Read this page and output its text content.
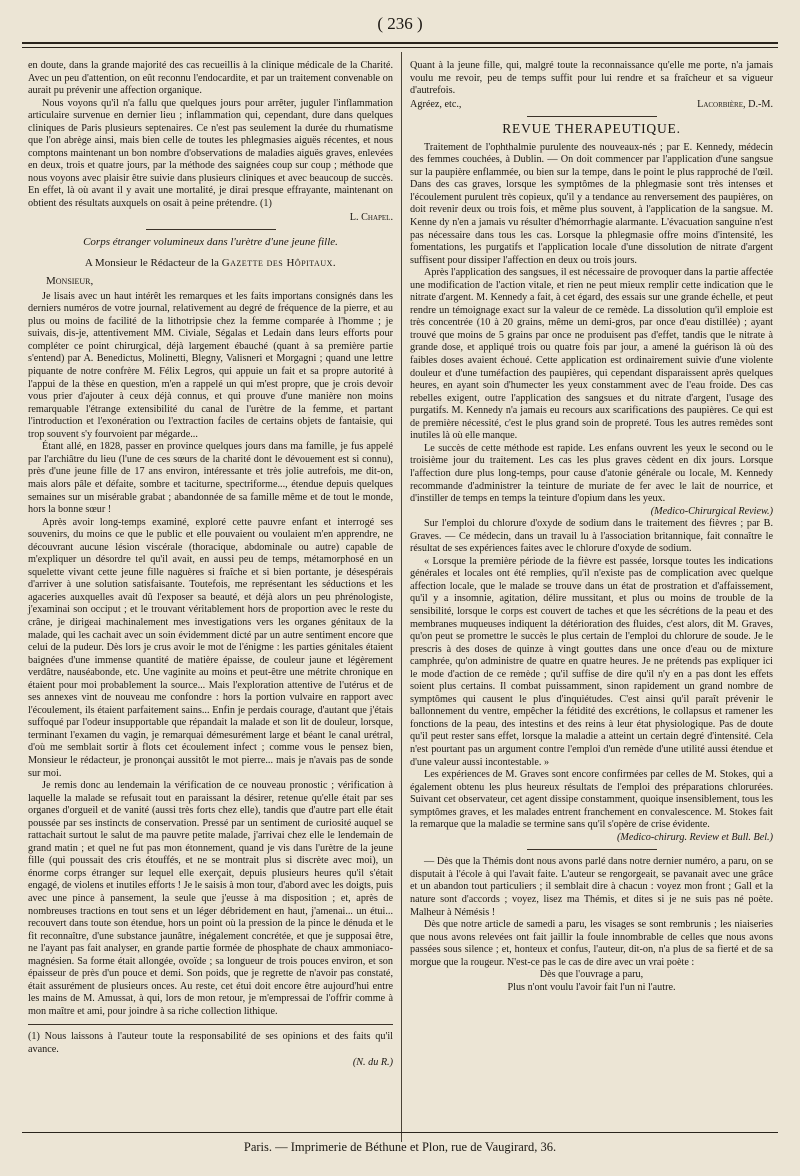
( 236 )

en doute, dans la grande majorité des cas recueillis à la clinique médicale de la Charité. Avec un peu d'attention, on eût reconnu l'endocardite, et par un traitement convenable on aurait pu prévenir une affection organique.

Nous voyons qu'il n'a fallu que quelques jours pour arrêter, juguler l'inflammation articulaire survenue en dernier lieu ; inflammation qui, cependant, dure dans quelques cliniques de Paris plusieurs septenaires. Ce n'est pas seulement la durée du rhumatisme que l'on abrège ainsi, mais bien celle de toutes les phlegmasies aiguës récentes, et nous comptons maintenant un bon nombre d'observations de maladies aiguës graves, enlevées en deux, trois et quatre jours, par la méthode des saignées coup sur coup ; méthode que nous voyons avec plaisir être suivie dans plusieurs cliniques et avec beaucoup de succès. En effet, là où avant il y avait une mortalité, je dirai presque effrayante, maintenant on obtient des résultats auxquels on osait à peine prétendre. (1)

L. Chapel.
Corps étranger volumineux dans l'urètre d'une jeune fille.
A Monsieur le Rédacteur de la Gazette des Hôpitaux.
Monsieur,

Je lisais avec un haut intérêt les remarques et les faits importans consignés dans les derniers numéros de votre journal, relativement au degré de fréquence de la pierre, et au plus ou moins de facilité de la lithotripsie chez la femme comparée à l'homme ; je suivais, dis-je, attentivement MM. Civiale, Ségalas et Ledain dans leurs efforts pour compléter ce point chirurgical, déjà largement ébauché (quant à sa première partie s'entend) par A. Benedictus, Molinetti, Blegny, Valisneri et Morgagni ; quand une lettre piquante de notre confrère M. Félix Legros, qui appuie un fait et sa propre autorité à l'appui de la thèse en question, m'en a rappelé un qui m'est propre, que je crois devoir vous prier d'ajouter à ceux déjà connus, et qui prouve d'une manière non moins remarquable l'étrange extensibilité du canal de l'urètre de la femme, et partant l'introduction et l'exonération ou l'extraction faciles de certains objets de fantaisie, qui trop souvent s'y fourvoient par mégarde...

Étant allé, en 1828, passer en province quelques jours dans ma famille, je fus appelé par l'archiâtre du lieu (l'une de ces sœurs de la charité dont le dévouement est si connu), près d'une jeune fille de 17 ans environ, intéressante et très jolie autrefois, me dit-on, mais alors pâle et défaite, sombre et taciturne, spectriforme..., étendue depuis quelques semaines sur un misérable grabat ; abandonnée de sa famille même et de tout le monde, hors la bonne sœur !

Après avoir long-temps examiné, exploré cette pauvre enfant et interrogé ses souvenirs, du moins ce que le public et elle pouvaient ou voulaient m'en apprendre, ne découvrant aucune lésion viscérale (thoracique, abdominale ou autre) capable de m'expliquer un désordre tel qu'il avait, en aussi peu de temps, métamorphosé en un squelette vivant cette jeune fille naguères si fraîche et si bien portante, je désespérais d'arriver à une solution satisfaisante. Toutefois, me représentant les séductions et les agaceries auxquelles avait dû l'exposer sa beauté, et déjà alors un peu phrénologiste, j'examinai son occiput ; et le trouvant véritablement hors de proportion avec le reste du crâne, je dirigeai machinalement mes investigations vers les organes génitaux de la malade, qui les cachait avec un soin évidemment dicté par un autre sentiment encore que celui de la pudeur. Dès lors je crus avoir le mot de l'énigme : les parties génitales étaient baignées d'une immense quantité de matière épaisse, de couleur jaune et légèrement verdâtre, nauséabonde, etc. Une vaginite au moins et peut-être une métrite chronique en étaient pour moi probablement la source... Mais l'exploration attentive de l'utérus et de ses annexes vint de nouveau me confondre : hors la portion vulvaire en rapport avec l'écoulement, ils étaient parfaitement sains... Enfin je perdais courage, d'autant que j'étais suffoqué par l'odeur insupportable que répandait la malade et son lit de douleur, lorsque, terminant l'examen du vagin, je remarquai démesurément large et béant le canal urétral, d'où me semblait sortir à flots cet écoulement infect ; comme vous le pensez bien, Monsieur le rédacteur, je prononçai aussitôt le mot pierre... mais je n'avais pas de sonde sur moi.

Je remis donc au lendemain la vérification de ce nouveau pronostic ; vérification à laquelle la malade se refusait tout en paraissant la désirer, retenue qu'elle était par ses organes d'orgueil et de vanité (aussi très forts chez elle), tandis que d'autre part elle était poussée par ses instincts de conservation. Pressé par un sentiment de curiosité auquel se rattachait surtout le salut de ma pauvre petite malade, j'arrivai chez elle le lendemain de grand matin ; et quel ne fut pas mon étonnement, quand je vis dans l'urètre de la jeune fille (qui poussait des cris étouffés, et ne se montrait plus si discrète avec moi), un énorme corps étranger sur lequel elle exerçait, depuis plusieurs heures qu'il s'était engagé, de violens et inutiles efforts ! Je le saisis à mon tour, d'abord avec les doigts, puis avec une pince à pansement, la seule que j'eusse à ma disposition ; et, après de nombreuses tractions en tout sens et un léger débridement en haut, j'amenai... un étui... recouvert dans toute son étendue, hors un point où la pression de la pince le dénuda et le fit reconnaître, d'une substance jaunâtre, inégalement concrétée, et que je supposai être, ne l'ayant pas fait analyser, en grande partie formée de phosphate de chaux ammoniaco-magnésien. Sa forme était allongée, ovoïde ; sa longueur de trois pouces environ, et son épaisseur de près d'un pouce et demi. Son poids, que je regrette de n'avoir pas constaté, était assurément de plusieurs onces. Au reste, cet étui doit encore être aujourd'hui entre les mains de M. Amussat, à qui, lors de mon retour, je m'empressai de l'offrir comme à mon maître et ami, pour joindre à sa riche collection lithique.

(1) Nous laissons à l'auteur toute la responsabilité de ses opinions et des faits qu'il avance.

(N. du R.)

Quant à la jeune fille, qui, malgré toute la reconnaissance qu'elle me porte, n'a jamais voulu me revoir, peu de temps suffit pour lui rendre et sa fraîcheur et sa vigueur d'autrefois.

Agréez, etc.,	Lacorbière, D.-M.
REVUE THERAPEUTIQUE.

Traitement de l'ophthalmie purulente des nouveaux-nés ; par E. Kennedy, médecin des femmes couchées, à Dublin. — On doit commencer par l'application d'une sangsue sur la paupière enflammée, ou bien sur la tempe, dans le point le plus rapproché de l'œil. Dans des cas graves, lorsque les symptômes de la phlegmasie sont très intenses et l'écoulement purulent très copieux, qu'il y a tendance au renversement des paupières, on doit revenir deux ou trois fois, et même plus souvent, à l'application de la sangsue. M. Kenne dy n'en a jamais vu résulter d'hémorrhagie alarmante. L'évacuation sanguine n'est pas nécessaire dans tous les cas. Lorsque la phlegmasie offre moins d'intensité, les fomentations, les purgatifs et l'application locale d'une dissolution de nitrate d'argent suffisent pour dissiper l'affection en deux ou trois jours.

Après l'application des sangsues, il est nécessaire de provoquer dans la partie affectée une modification de l'action vitale, et rien ne peut mieux remplir cette indication que le nitrate d'argent. M. Kennedy a fait, à cet égard, des essais sur une grande échelle, et peut rendre un témoignage exact sur la valeur de ce remède. La dissolution qu'il emploie est très concentrée (10 à 20 grains, même un demi-gros, par once d'eau distillée) ; ayant trouvé que moins de 5 grains par once ne produisent pas d'effet, tandis que le nitrate à grande dose, et appliqué trois ou quatre fois par jour, a amené la guérison là où des faibles doses avaient échoué. Cette application est ordinairement suivie d'une violente douleur et d'une tuméfaction des paupières, qui cependant disparaissent après quelques heures, en ayant soin d'humecter les yeux constamment avec de l'eau froide. Des cas rebelles exigent, outre l'application des sangsues et du nitrate d'argent, l'usage des purgatifs. M. Kennedy n'a jamais eu recours aux scarifications des paupières. Ce qui est de première nécessité, c'est le plus grand soin de propreté. Tous les autres remèdes sont inutiles là où elle manque.

Le succès de cette méthode est rapide. Les enfans ouvrent les yeux le second ou le troisième jour du traitement. Les cas les plus graves cèdent en dix jours. Lorsque l'affection dure plus long-temps, pour cause d'atonie générale ou locale, M. Kennedy recommande d'administrer la teinture de muriate de fer avec le lait de nourrice, et d'instiller de temps en temps la teinture d'opium dans les yeux.

(Medico-Chirurgical Review.)

Sur l'emploi du chlorure d'oxyde de sodium dans le traitement des fièvres ; par B. Graves. — Ce médecin, dans un travail lu à l'association britannique, fait connaître le résultat de ses expériences faites avec le chlorure d'oxyde de sodium.

« Lorsque la première période de la fièvre est passée, lorsque toutes les indications générales et locales ont été remplies, qu'il n'existe pas de complication avec quelque affection locale, que le malade se trouve dans un état de prostration et d'affaissement, qu'il y a insomnie, agitation, délire mussitant, et plus ou moins de trouble de la sensibilité, lorsque le corps est couvert de taches et que les sécrétions de la peau et des membranes muqueuses indiquent la détérioration des fluides, c'est alors, dit M. Graves, qu'on peut se promettre le succès le plus certain de l'emploi du chlorure de soude. Je le prescris à des doses de quinze à vingt gouttes dans une once d'eau ou de mixture camphrée, qu'on administre de quatre en quatre heures. Je ne prétends pas expliquer ici le mode d'action de ce remède ; qu'il suffise de dire qu'il n'y en a pas dont les effets soient plus certains. Il combat puissamment, sinon rapidement un grand nombre de symptômes qui causent le plus d'inquiétudes. C'est ainsi qu'il paraît prévenir le ballonnement du ventre, empêcher la fétidité des excrétions, le collapsus et ramener les fonctions de la peau, des intestins et des reins à leur état physiologique. Pas de doute qu'il peut rester sans effet, lorsque la maladie a atteint un certain degré d'intensité. Cela n'est pourtant pas un argument contre l'emploi d'un remède d'une utilité aussi étendue et d'une valeur aussi incontestable. »

Les expériences de M. Graves sont encore confirmées par celles de M. Stokes, qui a également obtenu les plus heureux résultats de l'emploi des préparations chlorurées. Suivant cet observateur, cet agent dissipe constamment, quoique insensiblement, tous les symptômes graves, et les malades entrent franchement en convalescence. M. Stokes fait la remarque que la maladie se termine sans qu'il s'opère de crise évidente.

(Medico-chirurg. Review et Bull. Bel.)

— Dès que la Thémis dont nous avons parlé dans notre dernier numéro, a paru, on se disputait à l'école à qui l'avait faite. L'auteur se rengorgeait, se pavanait avec une grâce et un abandon tout particuliers ; il semblait dire à chacun : voyez mon front ; Gall et la nature sont d'accords ; voyez, lisez ma Thémis, et dites si je ne suis pas né poète. Malheur à Némésis !

Dès que notre article de samedi a paru, les visages se sont rembrunis ; les niaiseries que nous avons relevées ont fait jaillir la foule innombrable de celles que nous avons passées sous silence ; et, honteux et confus, l'auteur, dit-on, n'a plus de sa fierté et de sa morgue que la rougeur. N'est-ce pas le cas de dire avec un vrai poète :

Dès que l'ouvrage a paru,

Plus n'ont voulu l'avoir fait l'un ni l'autre.

Paris. — Imprimerie de Béthune et Plon, rue de Vaugirard, 36.
